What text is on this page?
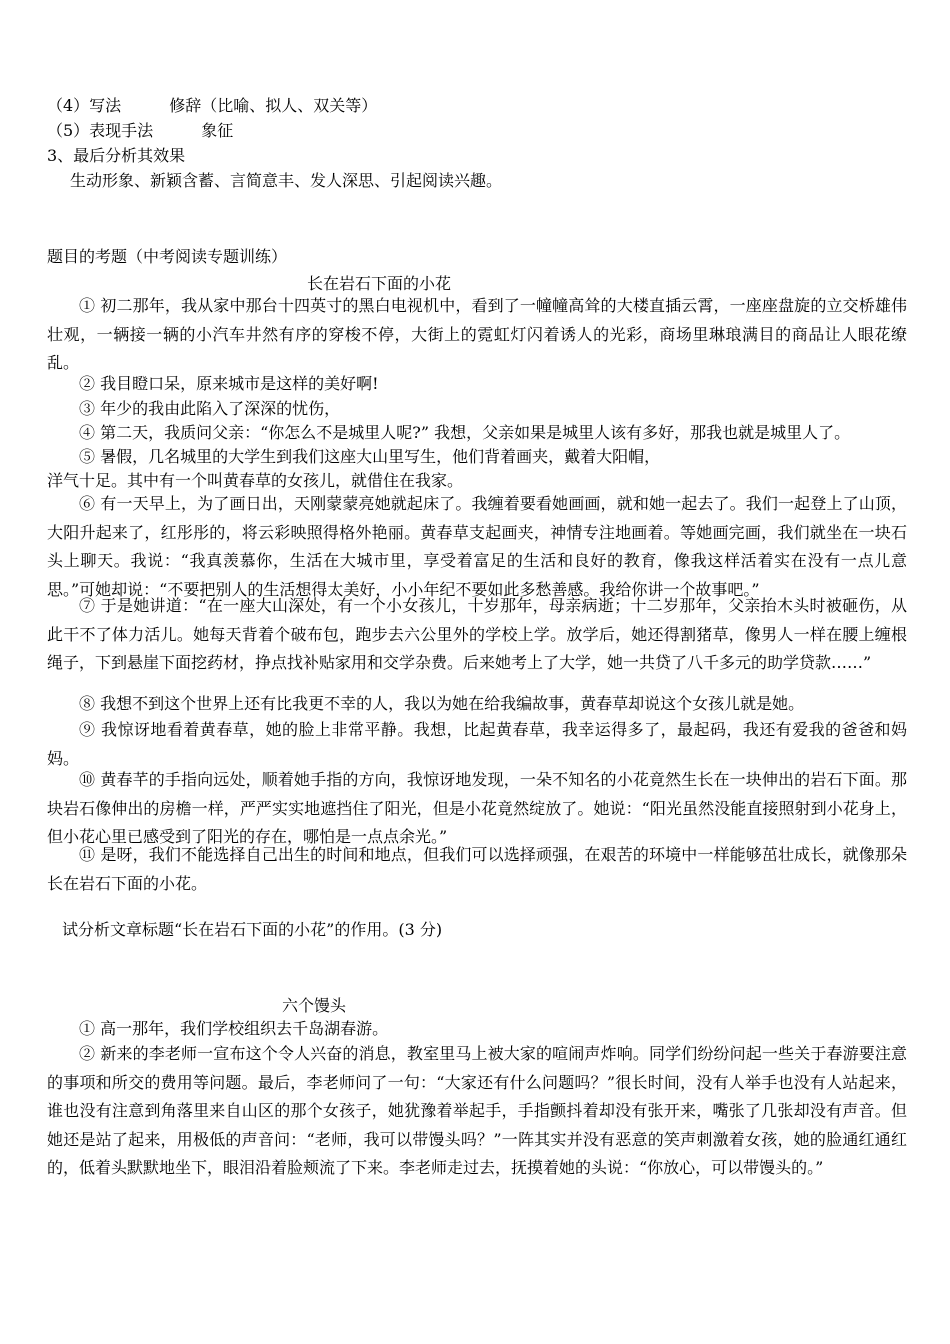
（4）写法	修辞（比喻、拟人、双关等）
（5）表现手法	象征
3、最后分析其效果
生动形象、新颖含蓄、言简意丰、发人深思、引起阅读兴趣。
题目的考题（中考阅读专题训练）
长在岩石下面的小花
① 初二那年，我从家中那台十四英寸的黑白电视机中，看到了一幢幢高耸的大楼直插云霄，一座座盘旋的立交桥雄伟壮观，一辆接一辆的小汽车井然有序的穿梭不停，大街上的霓虹灯闪着诱人的光彩，商场里琳琅满目的商品让人眼花缭乱。
② 我目瞪口呆，原来城市是这样的美好啊!
③ 年少的我由此陷入了深深的忧伤，
④ 第二天，我质问父亲：“你怎么不是城里人呢?” 我想，父亲如果是城里人该有多好，那我也就是城里人了。
⑤ 暑假，几名城里的大学生到我们这座大山里写生，他们背着画夹，戴着大阳帽，
洋气十足。其中有一个叫黄春草的女孩儿，就借住在我家。
⑥ 有一天早上，为了画日出，天刚蒙蒙亮她就起床了。我缠着要看她画画，就和她一起去了。我们一起登上了山顶，大阳升起来了，红彤彤的，将云彩映照得格外艳丽。黄春草支起画夹，神情专注地画着。等她画完画，我们就坐在一块石头上聊天。我说：“我真羡慕你，生活在大城市里，享受着富足的生活和良好的教育，像我这样活着实在没有一点儿意思。”可她却说：“不要把别人的生活想得太美好，小小年纪不要如此多愁善感。我给你讲一个故事吧。”
⑦ 于是她讲道：“在一座大山深处，有一个小女孩儿，十岁那年，母亲病逝；十二岁那年，父亲抬木头时被砸伤，从此干不了体力活儿。她每天背着个破布包，跑步去六公里外的学校上学。放学后，她还得割猪草，像男人一样在腰上缠根绳子，下到悬崖下面挖药材，挣点找补贴家用和交学杂费。后来她考上了大学，她一共贷了八千多元的助学贷款……”
⑧ 我想不到这个世界上还有比我更不幸的人，我以为她在给我编故事，黄春草却说这个女孩儿就是她。
⑨ 我惊讶地看着黄春草，她的脸上非常平静。我想，比起黄春草，我幸运得多了，最起码，我还有爱我的爸爸和妈妈。
⑩ 黄春芊的手指向远处，顺着她手指的方向，我惊讶地发现，一朵不知名的小花竟然生长在一块伸出的岩石下面。那块岩石像伸出的房檐一样，严严实实地遮挡住了阳光，但是小花竟然绽放了。她说：“阳光虽然没能直接照射到小花身上，但小花心里已感受到了阳光的存在，哪怕是一点点余光。”
⑪ 是呀，我们不能选择自己出生的时间和地点，但我们可以选择顽强，在艰苦的环境中一样能够茁壮成长，就像那朵长在岩石下面的小花。
试分析文章标题“长在岩石下面的小花”的作用。(3 分)
六个馒头
① 高一那年，我们学校组织去千岛湖春游。
② 新来的李老师一宣布这个令人兴奋的消息，教室里马上被大家的喧闹声炸响。同学们纷纷问起一些关于春游要注意的事项和所交的费用等问题。最后，李老师问了一句：“大家还有什么问题吗？”很长时间，没有人举手也没有人站起来，谁也没有注意到角落里来自山区的那个女孩子，她犹豫着举起手，手指颤抖着却没有张开来，嘴张了几张却没有声音。但她还是站了起来，用极低的声音问：“老师，我可以带馒头吗？”一阵其实并没有恶意的笑声刺激着女孩，她的脸通红通红的，低着头默默地坐下，眼泪沿着脸颊流了下来。李老师走过去，抚摸着她的头说：“你放心，可以带馒头的。”
